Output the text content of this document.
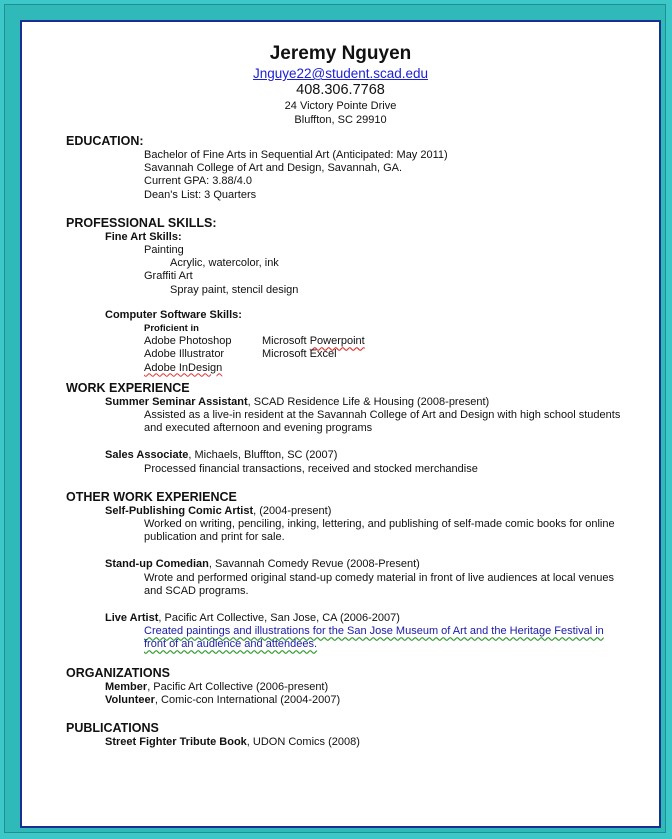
Jeremy Nguyen
Jnguye22@student.scad.edu
408.306.7768
24 Victory Pointe Drive
Bluffton, SC 29910
EDUCATION:
Bachelor of Fine Arts in Sequential Art (Anticipated: May 2011)
Savannah College of Art and Design, Savannah, GA.
Current GPA: 3.88/4.0
Dean's List: 3 Quarters
PROFESSIONAL SKILLS:
Fine Art Skills:
Painting
Acrylic, watercolor, ink
Graffiti Art
Spray paint, stencil design
Computer Software Skills:
Proficient in
Adobe Photoshop	Microsoft Powerpoint
Adobe Illustrator	Microsoft Excel
Adobe InDesign
WORK EXPERIENCE
Summer Seminar Assistant, SCAD Residence Life & Housing (2008-present)
Assisted as a live-in resident at the Savannah College of Art and Design with high school students
and executed afternoon and evening programs
Sales Associate, Michaels, Bluffton, SC (2007)
Processed financial transactions, received and stocked merchandise
OTHER WORK EXPERIENCE
Self-Publishing Comic Artist, (2004-present)
Worked on writing, penciling, inking, lettering, and publishing of self-made comic books for online
publication and print for sale.
Stand-up Comedian, Savannah Comedy Revue (2008-Present)
Wrote and performed original stand-up comedy material in front of live audiences at local venues
and SCAD programs.
Live Artist, Pacific Art Collective, San Jose, CA (2006-2007)
Created paintings and illustrations for the San Jose Museum of Art and the Heritage Festival in
front of an audience and attendees.
ORGANIZATIONS
Member, Pacific Art Collective (2006-present)
Volunteer, Comic-con International (2004-2007)
PUBLICATIONS
Street Fighter Tribute Book, UDON Comics (2008)
